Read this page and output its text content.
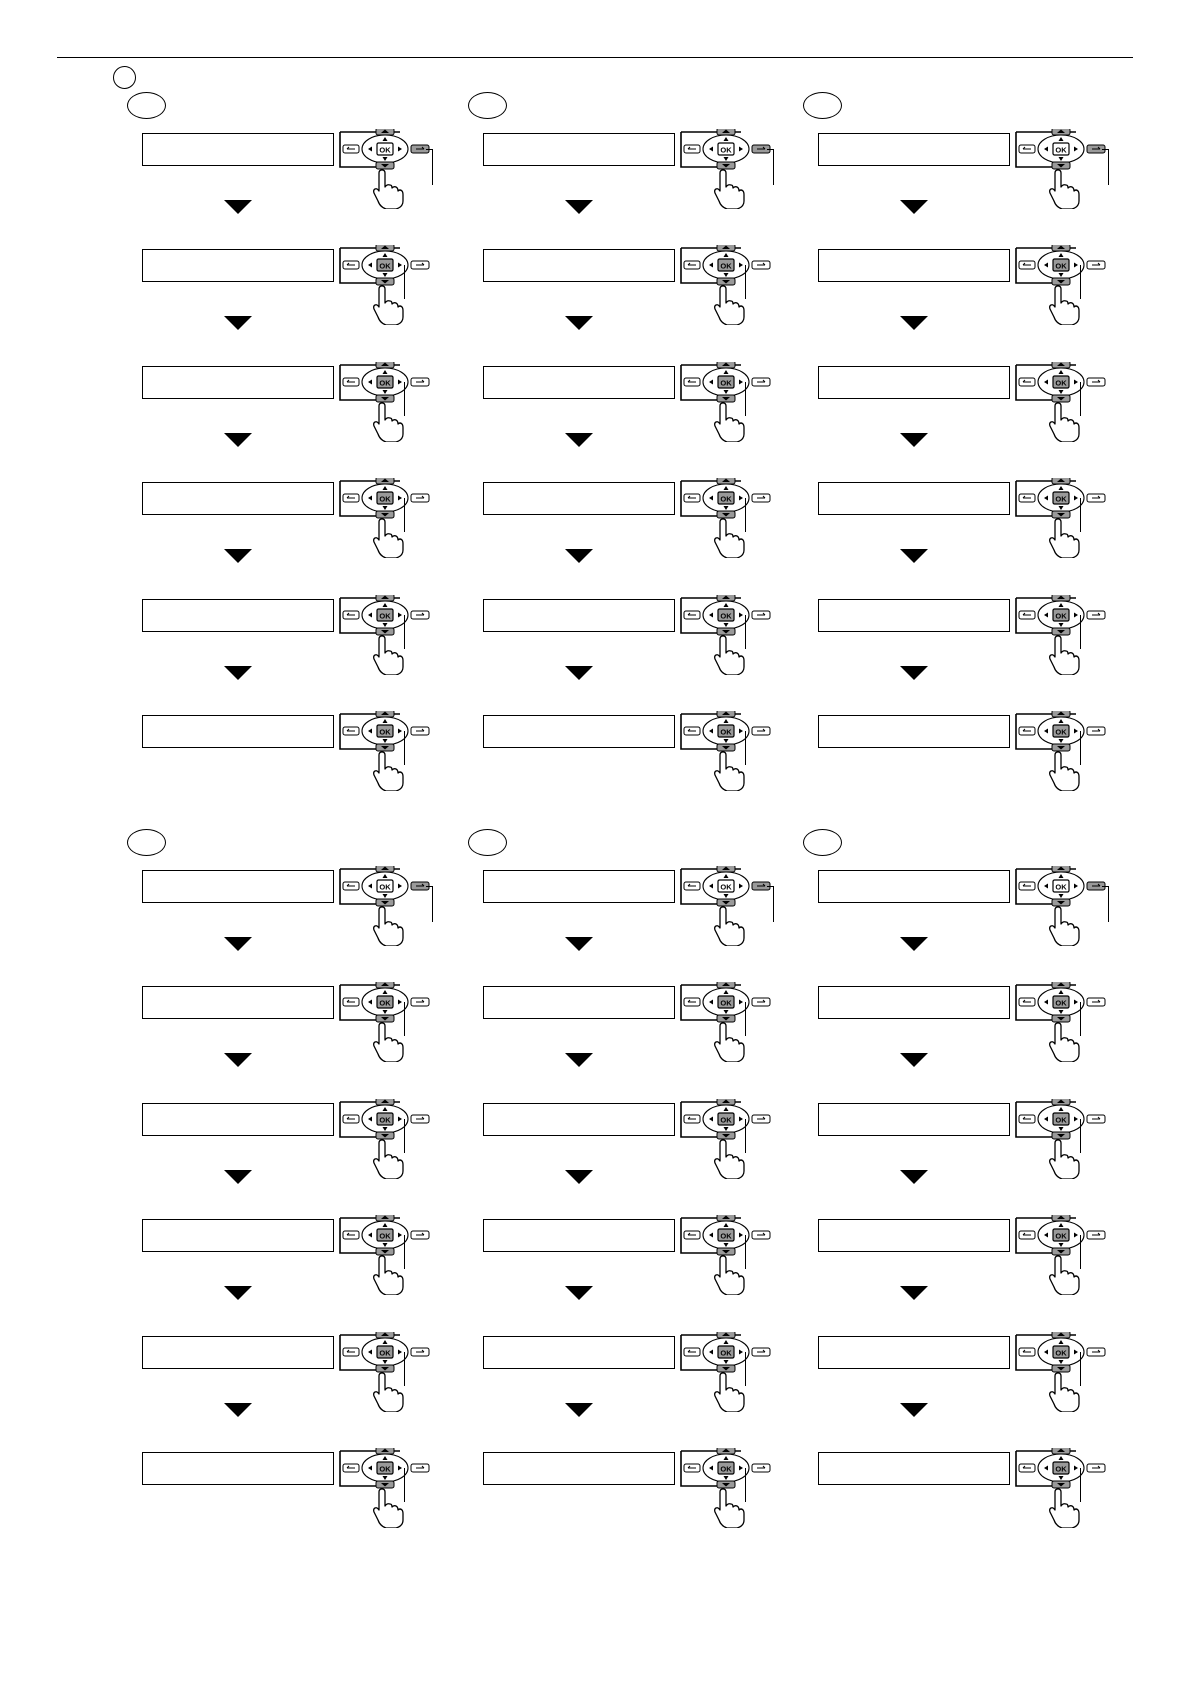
OK
OK
OK
OK
OK
OK
OK
OK
OK
OK
OK
OK
OK
OK
OK
OK
OK
OK
OK
OK
OK
OK
OK
OK
OK
OK
OK
OK
OK
OK
OK
OK
OK
OK
OK
OK
